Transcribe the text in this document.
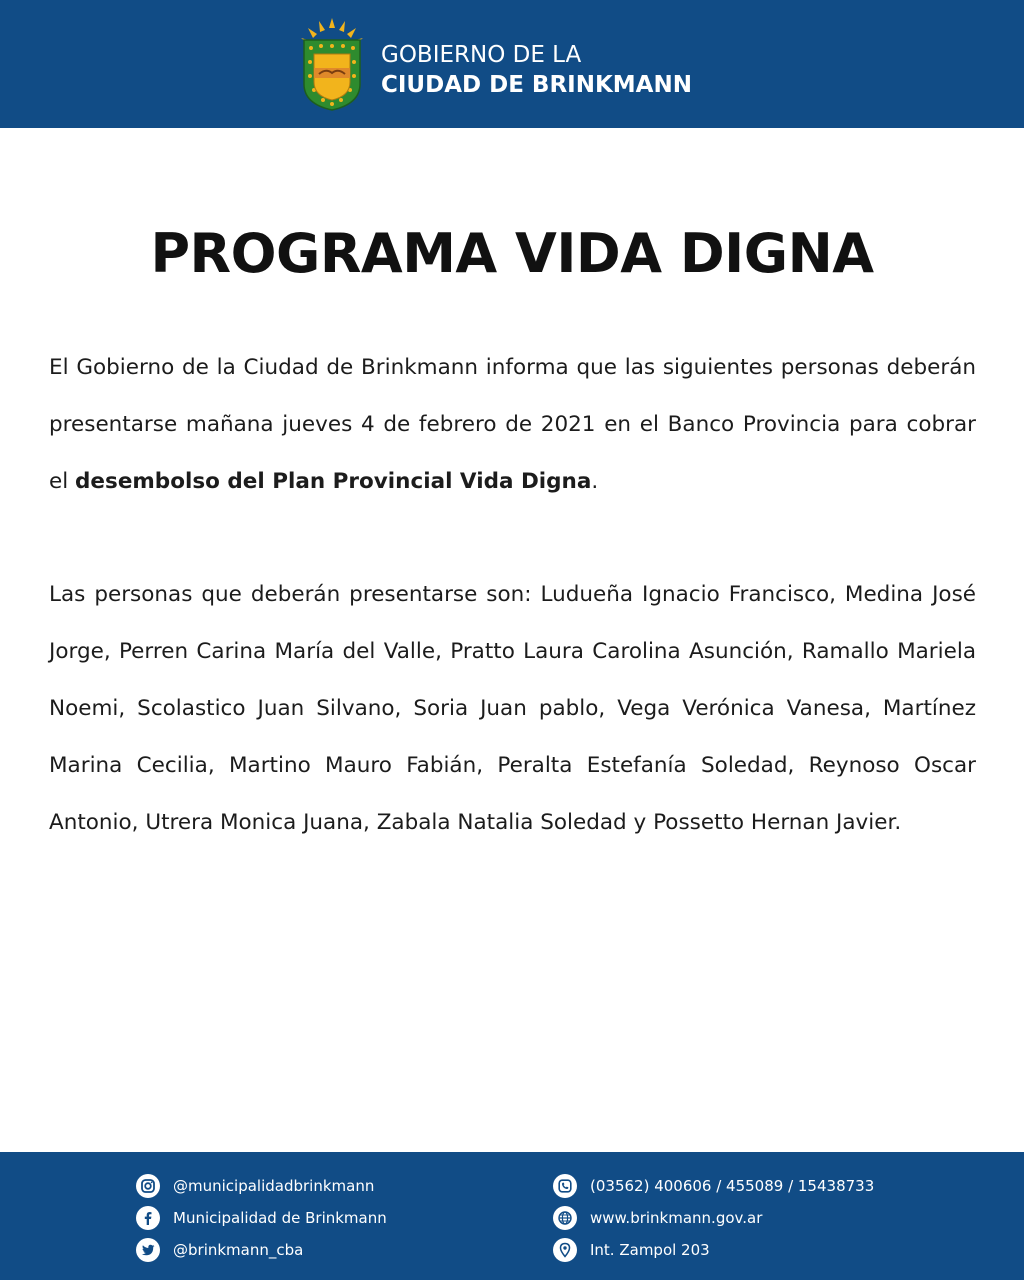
GOBIERNO DE LA
CIUDAD DE BRINKMANN
PROGRAMA VIDA DIGNA

El Gobierno de la Ciudad de Brinkmann informa que las siguientes personas deberán presentarse mañana jueves 4 de febrero de 2021 en el Banco Provincia para cobrar el desembolso del Plan Provincial Vida Digna.

Las personas que deberán presentarse son: Ludueña Ignacio Francisco, Medina José Jorge, Perren Carina María del Valle, Pratto Laura Carolina Asunción, Ramallo Mariela Noemi, Scolastico Juan Silvano, Soria Juan pablo, Vega Verónica Vanesa, Martínez Marina Cecilia, Martino Mauro Fabián, Peralta Estefanía Soledad, Reynoso Oscar Antonio, Utrera Monica Juana, Zabala Natalia Soledad y Possetto Hernan Javier.

@municipalidadbrinkmann
Municipalidad de Brinkmann
@brinkmann_cba
(03562) 400606 / 455089 / 15438733
www.brinkmann.gov.ar
Int. Zampol 203
